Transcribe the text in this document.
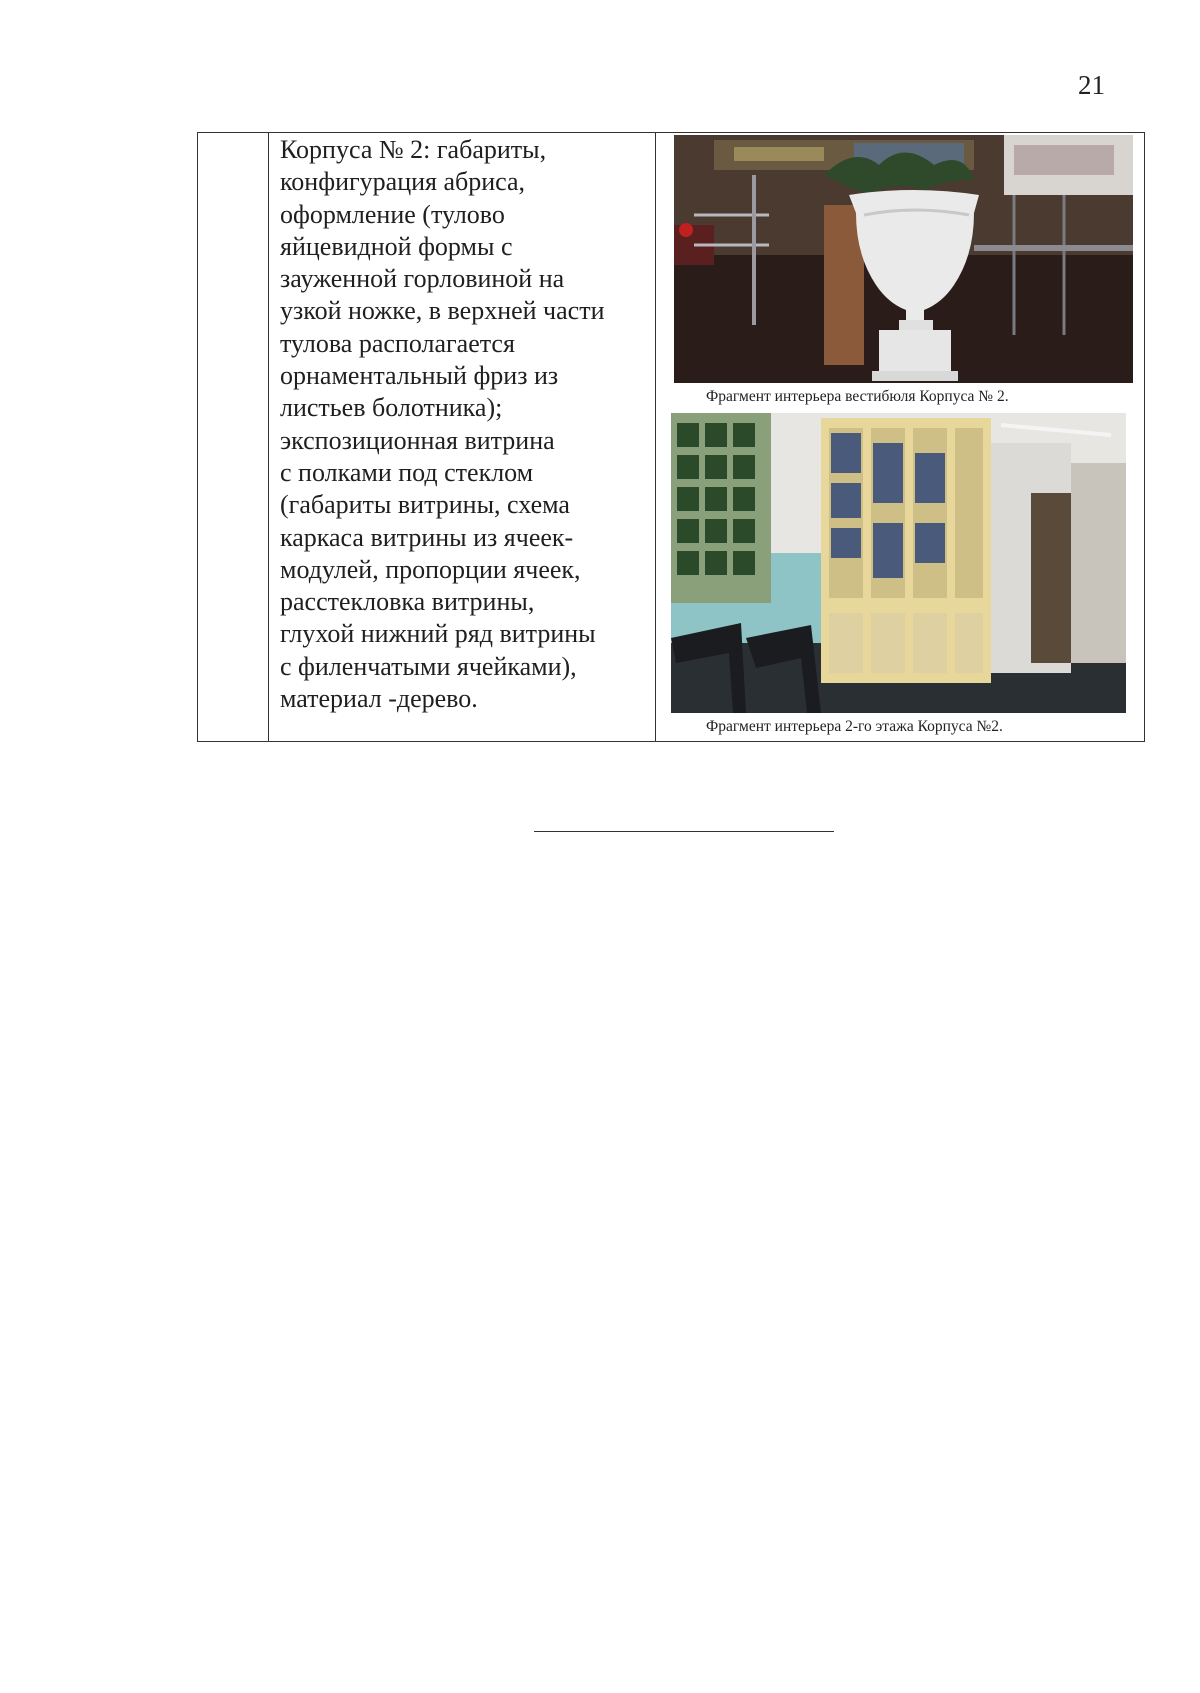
21
Корпуса № 2: габариты,
конфигурация абриса,
оформление (тулово
яйцевидной формы с
зауженной горловиной на
узкой ножке, в верхней части
тулова располагается
орнаментальный фриз из
листьев болотника);
экспозиционная витрина
с полками под стеклом
(габариты витрины, схема
каркаса витрины из ячеек-
модулей, пропорции ячеек,
расстекловка витрины,
глухой нижний ряд витрины
с филенчатыми ячейками),
материал -дерево.
Фрагмент интерьера вестибюля Корпуса № 2.
Фрагмент интерьера 2-го этажа Корпуса №2.
